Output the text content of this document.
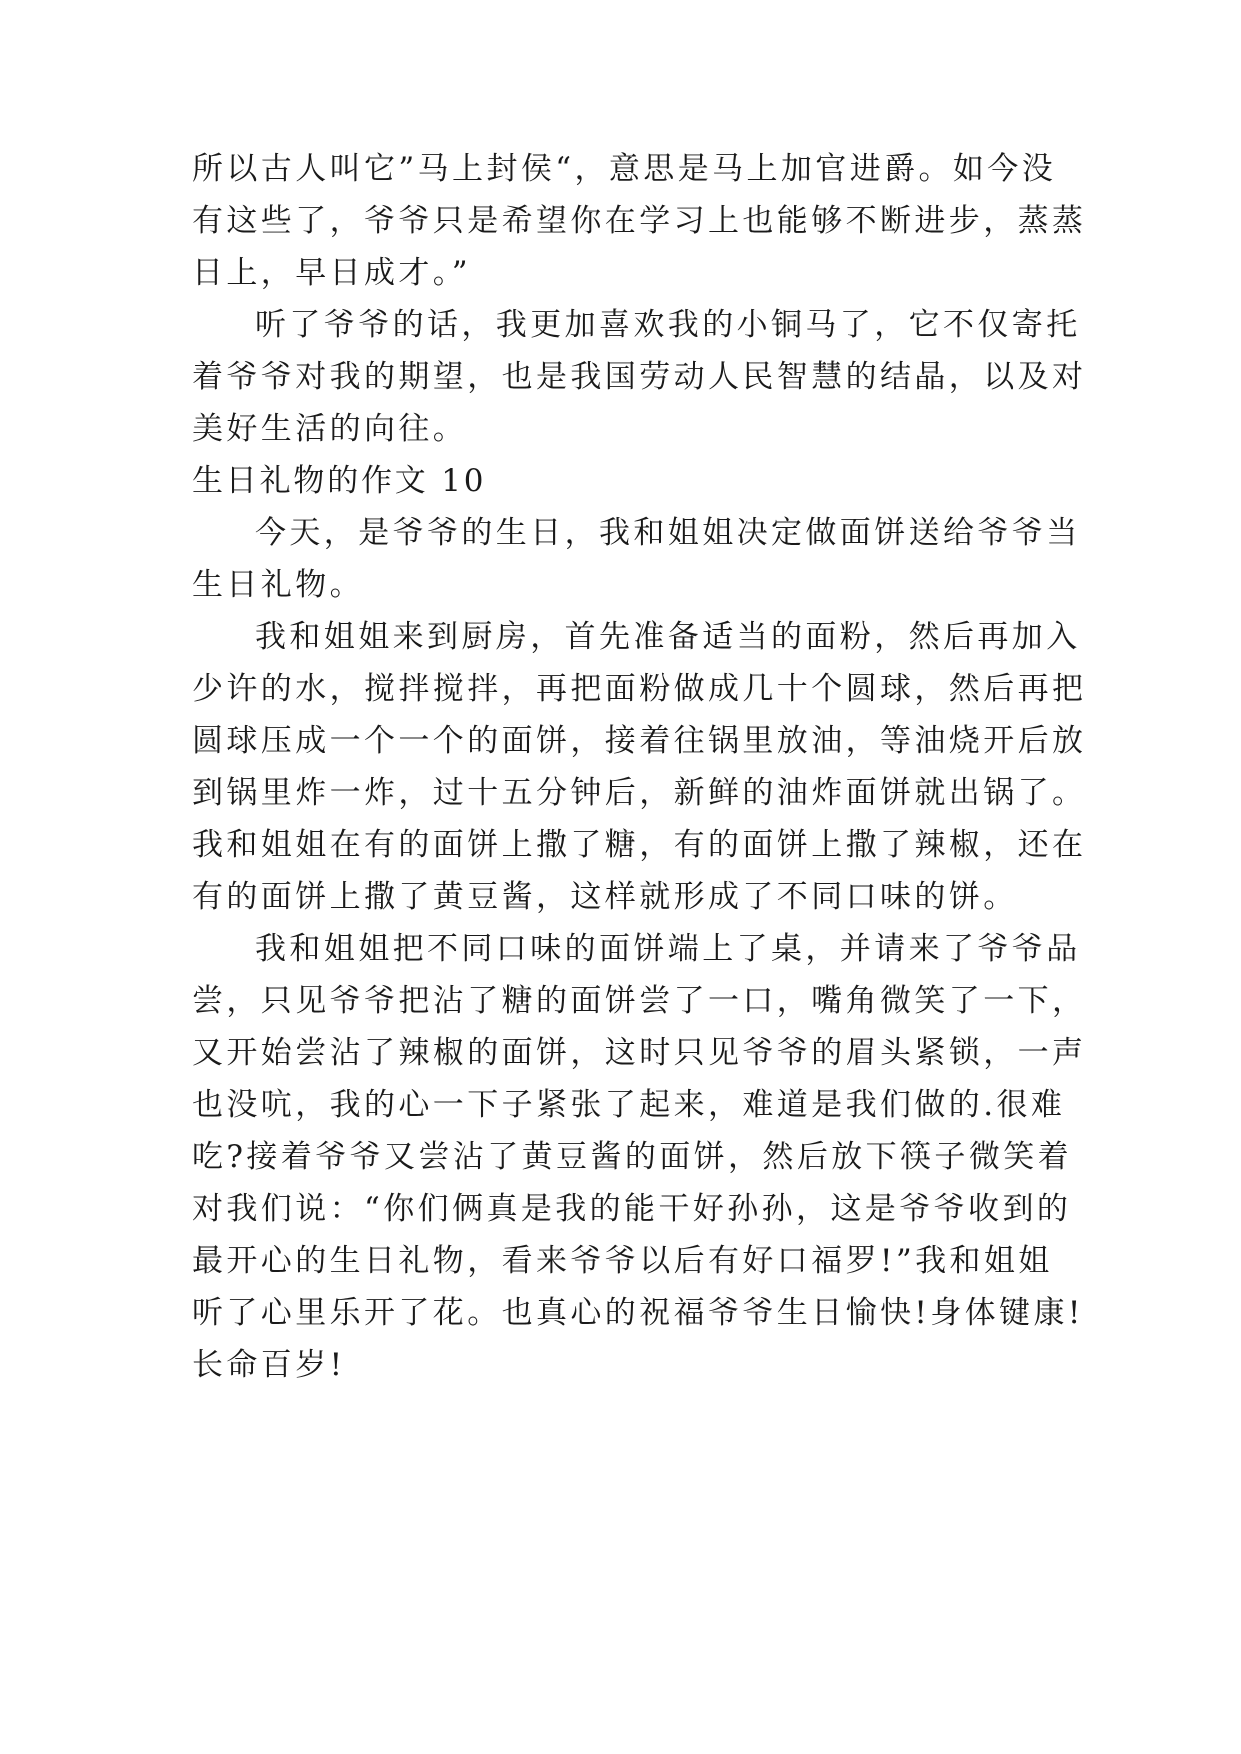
所以古人叫它”马上封侯“，意思是马上加官进爵。如今没

有这些了，爷爷只是希望你在学习上也能够不断进步，蒸蒸

日上，早日成才。”

听了爷爷的话，我更加喜欢我的小铜马了，它不仅寄托

着爷爷对我的期望，也是我国劳动人民智慧的结晶，以及对

美好生活的向往。

生日礼物的作文 10

今天，是爷爷的生日，我和姐姐决定做面饼送给爷爷当

生日礼物。

我和姐姐来到厨房，首先准备适当的面粉，然后再加入

少许的水，搅拌搅拌，再把面粉做成几十个圆球，然后再把

圆球压成一个一个的面饼，接着往锅里放油，等油烧开后放

到锅里炸一炸，过十五分钟后，新鲜的油炸面饼就出锅了。

我和姐姐在有的面饼上撒了糖，有的面饼上撒了辣椒，还在

有的面饼上撒了黄豆酱，这样就形成了不同口味的饼。

我和姐姐把不同口味的面饼端上了桌，并请来了爷爷品

尝，只见爷爷把沾了糖的面饼尝了一口，嘴角微笑了一下，

又开始尝沾了辣椒的面饼，这时只见爷爷的眉头紧锁，一声

也没吭，我的心一下子紧张了起来，难道是我们做的.很难

吃?接着爷爷又尝沾了黄豆酱的面饼，然后放下筷子微笑着

对我们说：“你们俩真是我的能干好孙孙，这是爷爷收到的

最开心的生日礼物，看来爷爷以后有好口福罗!”我和姐姐

听了心里乐开了花。也真心的祝福爷爷生日愉快!身体键康!

长命百岁!
